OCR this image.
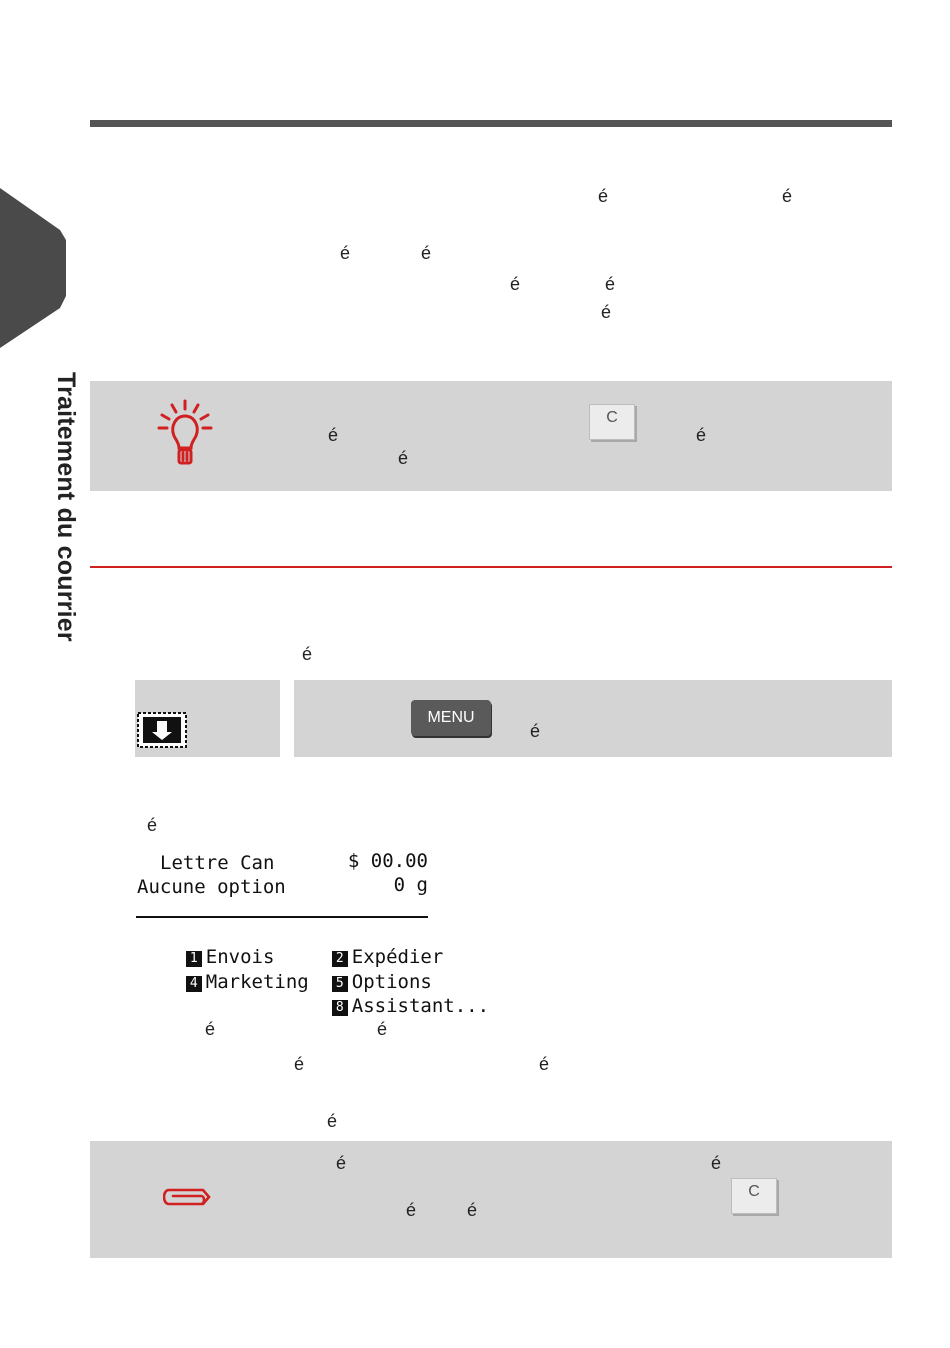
Traitement du courrier
é	é
é	é
é	é
é
é
C
é
é
é
MENU
é
é
Lettre Can	$ 00.00
Aucune option	0 g

1 Envois
	2 Expédier

4 Marketing
	5 Options

8 Assistant...

é	é
é	é
é
é	é
é	é
C
